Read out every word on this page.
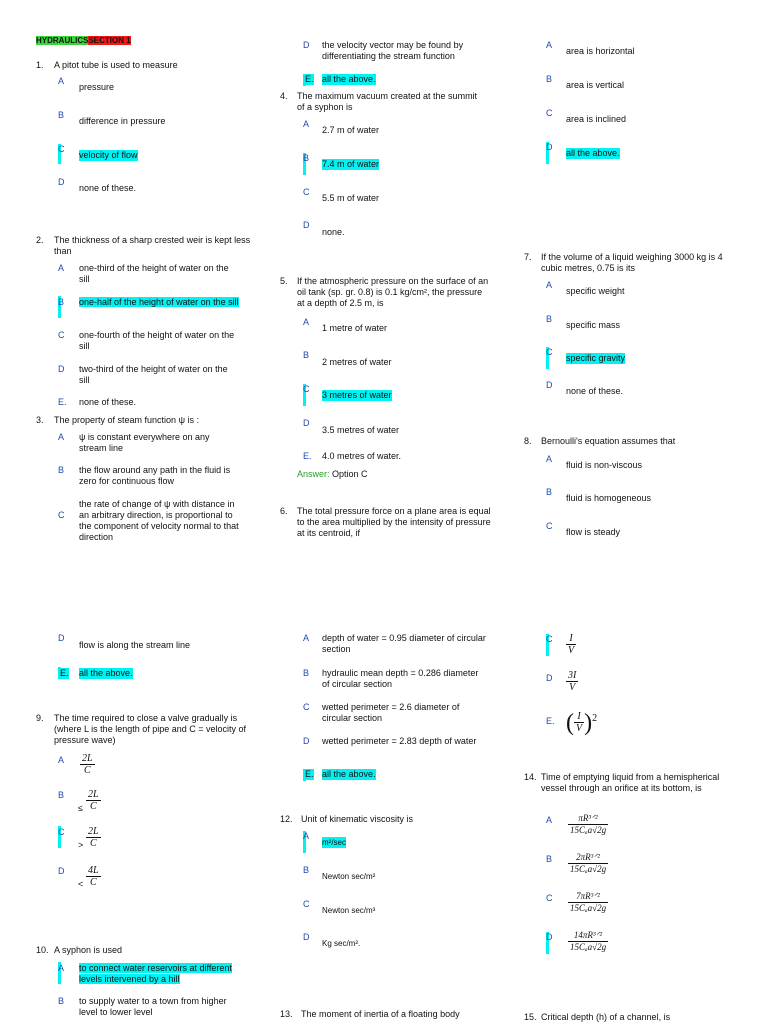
HYDRAULICSSECTION 1
1. A pitot tube is used to measure
A
pressure
B
difference in pressure
C
velocity of flow
D
none of these.
2. The thickness of a sharp crested weir is kept less than
A one-third of the height of water on the sill
B one-half of the height of water on the sill
C one-fourth of the height of water on the sill
D two-third of the height of water on the sill
E. none of these.
3. The property of steam function ψ is :
A ψ is constant everywhere on any stream line
B the flow around any path in the fluid is zero for continuous flow
C
the rate of change of ψ with distance in an arbitrary direction, is proportional to the component of velocity normal to that direction
D
flow is along the stream line
E. all the above.
9. The time required to close a valve gradually is (where L is the length of pipe and C = velocity of pressure wave)
A $\frac{2L}{C}$
B
≤ $\frac{2L}{C}$
C
> $\frac{2L}{C}$
D
< $\frac{4L}{C}$
10. A syphon is used
A to connect water reservoirs at different levels intervened by a hill
B to supply water to a town from higher level to lower level
D the velocity vector may be found by differentiating the stream function
E. all the above.
4. The maximum vacuum created at the summit of a syphon is
A
2.7 m of water
B
7.4 m of water
C
5.5 m of water
D
none.
5. If the atmospheric pressure on the surface of an oil tank (sp. gr. 0.8) is 0.1 kg/cm², the pressure at a depth of 2.5 m, is
A
1 metre of water
B
2 metres of water
C
3 metres of water
D
3.5 metres of water
E. 4.0 metres of water.
Answer: Option C
6. The total pressure force on a plane area is equal to the area multiplied by the intensity of pressure at its centroid, if
A depth of water = 0.95 diameter of circular section
B hydraulic mean depth = 0.286 diameter of circular section
C wetted perimeter = 2.6 diameter of circular section
D wetted perimeter = 2.83 depth of water
E. all the above.
12. Unit of kinematic viscosity is
A
m²/sec
B
Newton sec/m²
C
Newton sec/m³
D
Kg sec/m².
13. The moment of inertia of a floating body
A
area is horizontal
B
area is vertical
C
area is inclined
D
all the above.
7. If the volume of a liquid weighing 3000 kg is 4 cubic metres, 0.75 is its
A
specific weight
B
specific mass
C
specific gravity
D
none of these.
8. Bernoulli's equation assumes that
A
fluid is non-viscous
B
fluid is homogeneous
C
flow is steady
C $\frac{I}{V}$
D $\frac{3I}{V}$
E. ( $\frac{I}{V} )^2$
14. Time of emptying liquid from a hemispherical vessel through an orifice at its bottom, is
A	πR³ᐟ²
15Cₐa√2g
B	2πR³ᐟ²
15Cₐa√2g
C	7πR³ᐟ²
15Cₐa√2g
D	14πR³ᐟ²
15Cₐa√2g
15. Critical depth (h) of a channel, is
